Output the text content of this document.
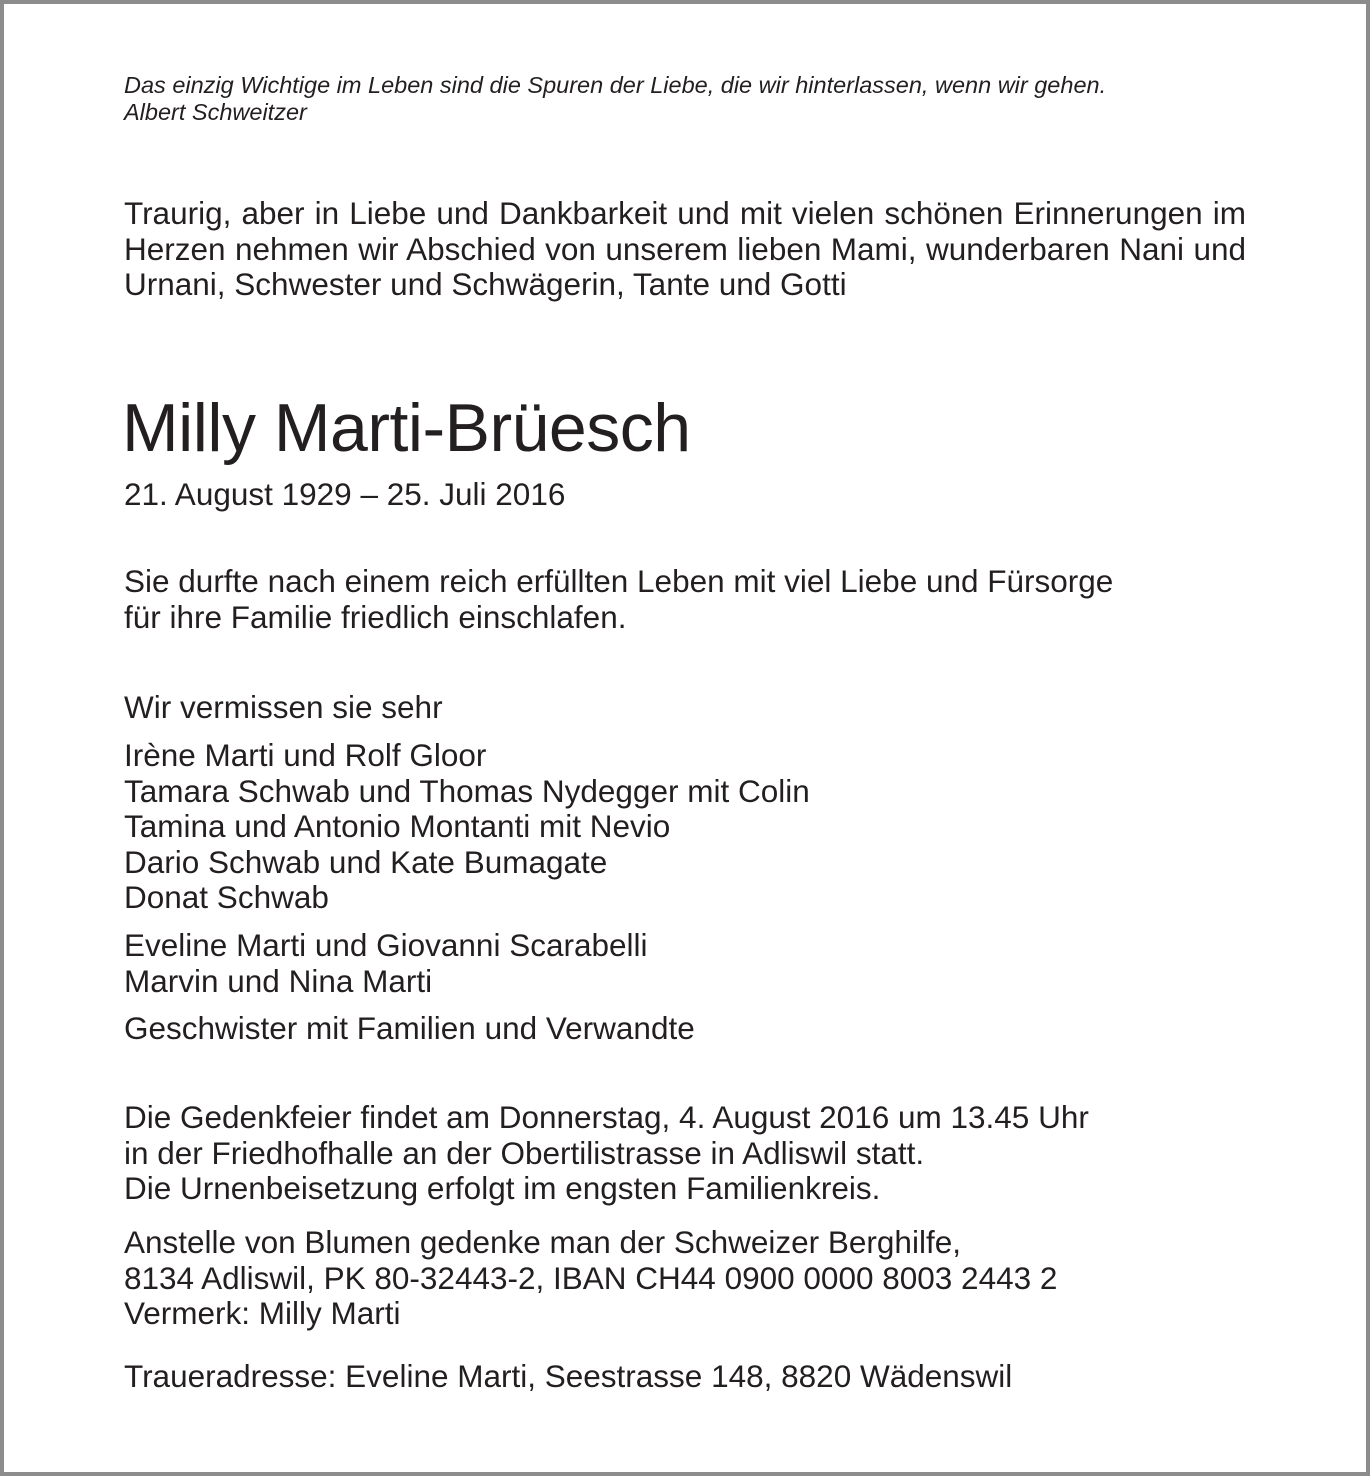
Das einzig Wichtige im Leben sind die Spuren der Liebe, die wir hinterlassen, wenn wir gehen.
Albert Schweitzer
Traurig, aber in Liebe und Dankbarkeit und mit vielen schönen Erinnerungen im Herzen nehmen wir Abschied von unserem lieben Mami, wunderbaren Nani und Urnani, Schwester und Schwägerin, Tante und Gotti
Milly Marti-Brüesch
21. August 1929 – 25. Juli 2016
Sie durfte nach einem reich erfüllten Leben mit viel Liebe und Fürsorge
für ihre Familie friedlich einschlafen.
Wir vermissen sie sehr
Irène Marti und Rolf Gloor
Tamara Schwab und Thomas Nydegger mit Colin
Tamina und Antonio Montanti mit Nevio
Dario Schwab und Kate Bumagate
Donat Schwab
Eveline Marti und Giovanni Scarabelli
Marvin und Nina Marti
Geschwister mit Familien und Verwandte
Die Gedenkfeier findet am Donnerstag, 4. August 2016 um 13.45 Uhr
in der Friedhofhalle an der Obertilistrasse in Adliswil statt.
Die Urnenbeisetzung erfolgt im engsten Familienkreis.
Anstelle von Blumen gedenke man der Schweizer Berghilfe,
8134 Adliswil, PK 80-32443-2, IBAN CH44 0900 0000 8003 2443 2
Vermerk: Milly Marti
Traueradresse: Eveline Marti, Seestrasse 148, 8820 Wädenswil
